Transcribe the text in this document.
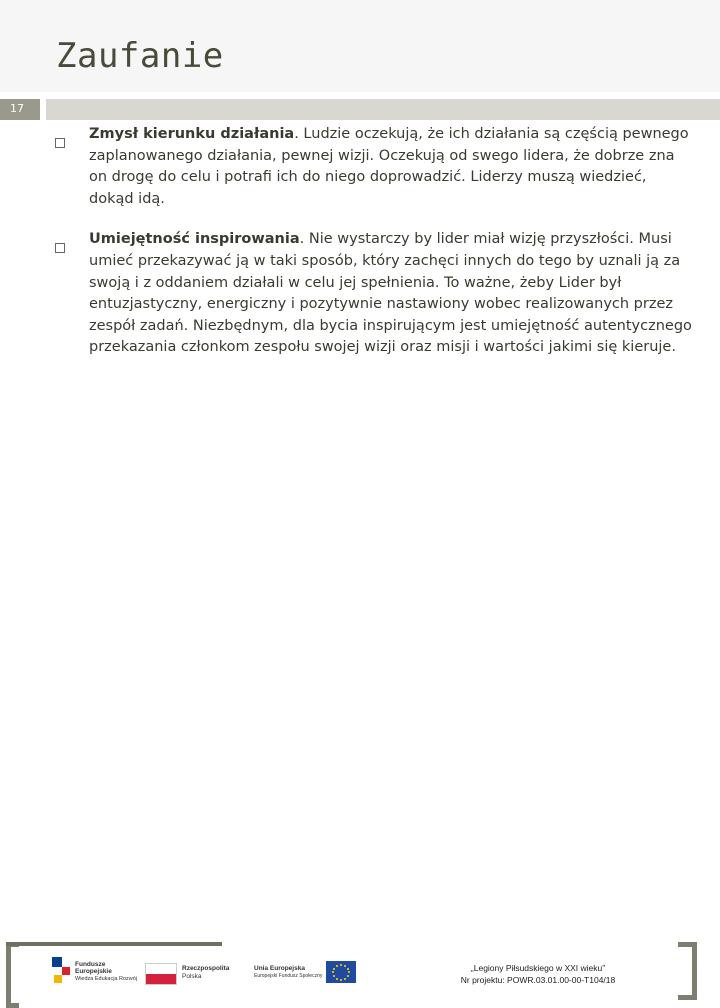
Zaufanie
17
Zmysł kierunku działania. Ludzie oczekują, że ich działania są częścią pewnego zaplanowanego działania, pewnej wizji. Oczekują od swego lidera, że dobrze zna on drogę do celu i potrafi ich do niego doprowadzić. Liderzy muszą wiedzieć, dokąd idą.
Umiejętność inspirowania. Nie wystarczy by lider miał wizję przyszłości. Musi umieć przekazywać ją w taki sposób, który zachęci innych do tego by uznali ją za swoją i z oddaniem działali w celu jej spełnienia. To ważne, żeby Lider był entuzjastyczny, energiczny i pozytywnie nastawiony wobec realizowanych przez zespół zadań. Niezbędnym, dla bycia inspirującym jest umiejętność autentycznego przekazania członkom zespołu swojej wizji oraz misji i wartości jakimi się kieruje.
Fundusze
Europejskie
Wiedza Edukacja Rozwój
Rzeczpospolita
Polska
Unia Europejska
Europejski Fundusz Społeczny
„Legiony Piłsudskiego w XXI wieku”
Nr projektu: POWR.03.01.00-00-T104/18
